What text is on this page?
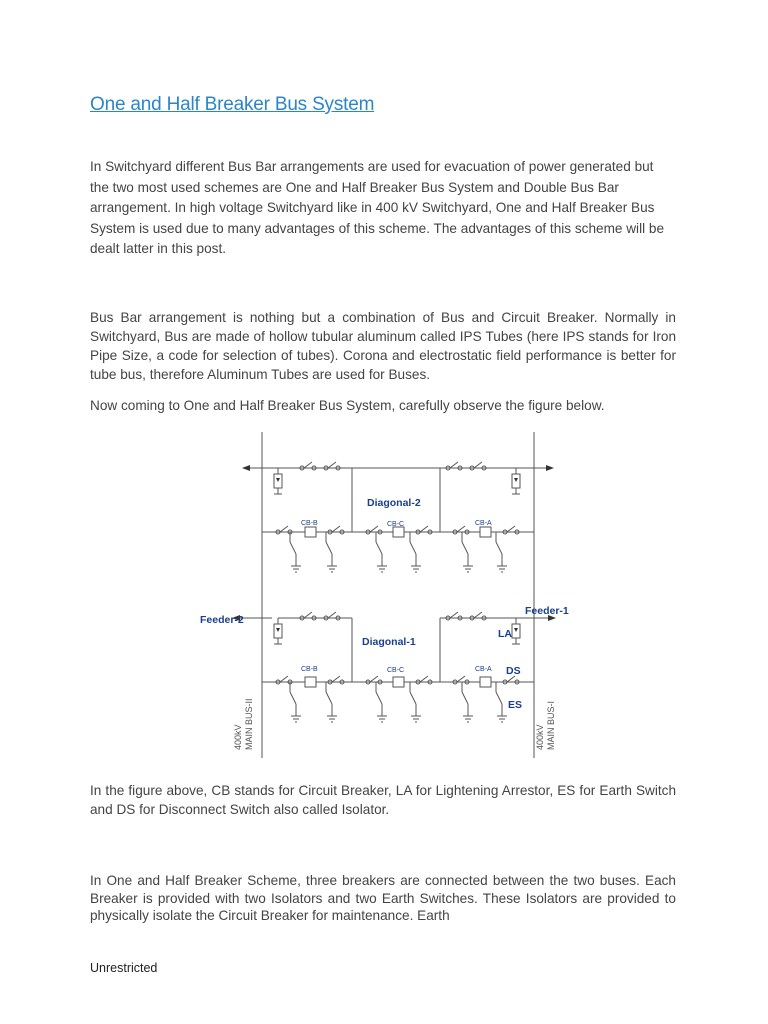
One and Half Breaker Bus System
In Switchyard different Bus Bar arrangements are used for evacuation of power generated but the two most used schemes are One and Half Breaker Bus System and Double Bus Bar arrangement. In high voltage Switchyard like in 400 kV Switchyard, One and Half Breaker Bus System is used due to many advantages of this scheme. The advantages of this scheme will be dealt latter in this post.
Bus Bar arrangement is nothing but a combination of Bus and Circuit Breaker. Normally in Switchyard, Bus are made of hollow tubular aluminum called IPS Tubes (here IPS stands for Iron Pipe Size, a code for selection of tubes). Corona and electrostatic field performance is better for tube bus, therefore Aluminum Tubes are used for Buses.
Now coming to One and Half Breaker Bus System, carefully observe the figure below.
Diagonal-2
Diagonal-1
CB-B	CB-C	CB-A
CB-B	CB-C	CB-A
Feeder-2
Feeder-1
LA
DS
ES
400kV MAIN BUS-II	400kV MAIN BUS-I
In the figure above, CB stands for Circuit Breaker, LA for Lightening Arrestor, ES for Earth Switch and DS for Disconnect Switch also called Isolator.
In One and Half Breaker Scheme, three breakers are connected between the two buses. Each Breaker is provided with two Isolators and two Earth Switches. These Isolators are provided to physically isolate the Circuit Breaker for maintenance. Earth
Unrestricted
